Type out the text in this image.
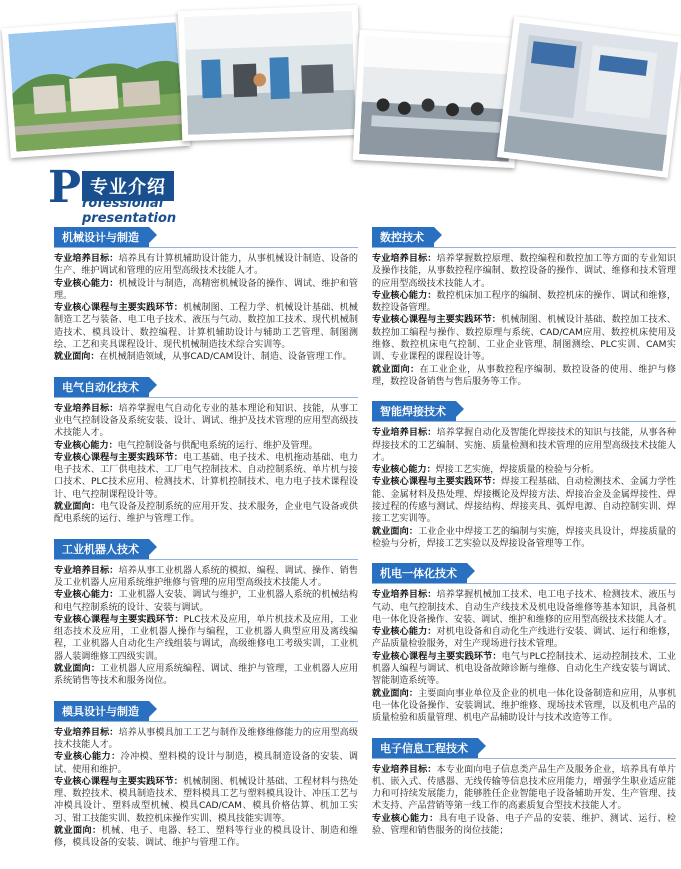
P 专业介绍
rofessional presentation
机械设计与制造

专业培养目标：培养具有计算机辅助设计能力，从事机械设计制造、设备的生产、维护调试和管理的应用型高级技术技能人才。

专业核心能力：机械设计与制造，高精密机械设备的操作、调试、维护和管理。

专业核心课程与主要实践环节：机械制图、工程力学、机械设计基础、机械制造工艺与装备、电工电子技术、液压与气动、数控加工技术、现代机械制造技术、模具设计、数控编程、计算机辅助设计与辅助工艺管理、制图测绘、工艺和夹具课程设计、现代机械制造技术综合实训等。

就业面向：在机械制造领域，从事CAD/CAM设计、制造、设备管理工作。

电气自动化技术

专业培养目标：培养掌握电气自动化专业的基本理论和知识、技能，从事工业电气控制设备及系统安装、设计、调试、维护及技术管理的应用型高级技术技能人才。

专业核心能力：电气控制设备与供配电系统的运行、维护及管理。

专业核心课程与主要实践环节：电工基础、电子技术、电机拖动基础、电力电子技术、工厂供电技术、工厂电气控制技术、自动控制系统、单片机与接口技术、PLC技术应用、检测技术、计算机控制技术、电力电子技术课程设计、电气控制课程设计等。

就业面向：电气设备及控制系统的应用开发、技术服务，企业电气设备或供配电系统的运行、维护与管理工作。

工业机器人技术

专业培养目标：培养从事工业机器人系统的模拟、编程、调试、操作、销售及工业机器人应用系统维护维修与管理的应用型高级技术技能人才。

专业核心能力：工业机器人安装、调试与维护，工业机器人系统的机械结构和电气控制系统的设计、安装与调试。

专业核心课程与主要实践环节：PLC技术及应用，单片机技术及应用，工业组态技术及应用，工业机器人操作与编程，工业机器人典型应用及离线编程，工业机器人自动化生产线组装与调试，高级维修电工考级实训，工业机器人装调维修工四级实训。

就业面向：工业机器人应用系统编程、调试、维护与管理，工业机器人应用系统销售等技术和服务岗位。

模具设计与制造

专业培养目标：培养从事模具加工工艺与制作及维修维修能力的应用型高级技术技能人才。

专业核心能力：冷冲模、塑料模的设计与制造，模具制造设备的安装、调试、使用和维护。

专业核心课程与主要实践环节：机械制图、机械设计基础、工程材料与热处理、数控技术、模具制造技术、塑料模具工艺与塑料模具设计、冲压工艺与冲模具设计、塑料成型机械、模具CAD/CAM、模具价格估算、机加工实习、钳工技能实训、数控机床操作实训、模具技能实训等。

就业面向：机械、电子、电器、轻工、塑料等行业的模具设计、制造和维修，模具设备的安装、调试、维护与管理工作。

数控技术

专业培养目标：培养掌握数控原理、数控编程和数控加工等方面的专业知识及操作技能，从事数控程序编制、数控设备的操作、调试、维修和技术管理的应用型高级技术技能人才。

专业核心能力：数控机床加工程序的编制、数控机床的操作、调试和维修，数控设备管理。

专业核心课程与主要实践环节：机械制图、机械设计基础、数控加工技术、数控加工编程与操作、数控原理与系统、CAD/CAM应用、数控机床使用及维修、数控机床电气控制、工业企业管理、制图测绘、PLC实训、CAM实训、专业课程的课程设计等。

就业面向：在工业企业，从事数控程序编制、数控设备的使用、维护与修理，数控设备销售与售后服务等工作。

智能焊接技术

专业培养目标：培养掌握自动化及智能化焊接技术的知识与技能，从事各种焊接技术的工艺编制、实施、质量检测和技术管理的应用型高级技术技能人才。

专业核心能力：焊接工艺实施，焊接质量的检验与分析。

专业核心课程与主要实践环节：焊接工程基础、自动检测技术、金属力学性能、金属材料及热处理、焊接概论及焊接方法、焊接冶金及金属焊接性、焊接过程的传感与测试、焊接结构、焊接夹具、弧焊电源、自动控制实训、焊接工艺实训等。

就业面向：工业企业中焊接工艺的编制与实施，焊接夹具设计，焊接质量的检验与分析，焊接工艺实验以及焊接设备管理等工作。

机电一体化技术

专业培养目标：培养掌握机械加工技术、电工电子技术、检测技术、液压与气动、电气控制技术、自动生产线技术及机电设备维修等基本知识，具备机电一体化设备操作、安装、调试、维护和维修的应用型高级技术技能人才。

专业核心能力：对机电设备和自动化生产线进行安装、调试、运行和维修，产品质量检验服务，对生产现场进行技术管理。

专业核心课程与主要实践环节：电气与PLC控制技术、运动控制技术、工业机器人编程与调试、机电设备故障诊断与维修、自动化生产线安装与调试、智能制造系统等。

就业面向：主要面向事业单位及企业的机电一体化设备制造和应用，从事机电一体化设备操作、安装调试、维护维修、现场技术管理，以及机电产品的质量检验和质量管理、机电产品辅助设计与技术改造等工作。

电子信息工程技术

专业培养目标：本专业面向电子信息类产品生产及服务企业，培养具有单片机、嵌入式、传感器、无线传输等信息技术应用能力，增强学生职业适应能力和可持续发展能力，能够胜任企业智能电子设备辅助开发、生产管理、技术支持、产品营销等第一线工作的高素质复合型技术技能人才。

专业核心能力：具有电子设备、电子产品的安装、维护、测试、运行、检验、管理和销售服务的岗位技能；
